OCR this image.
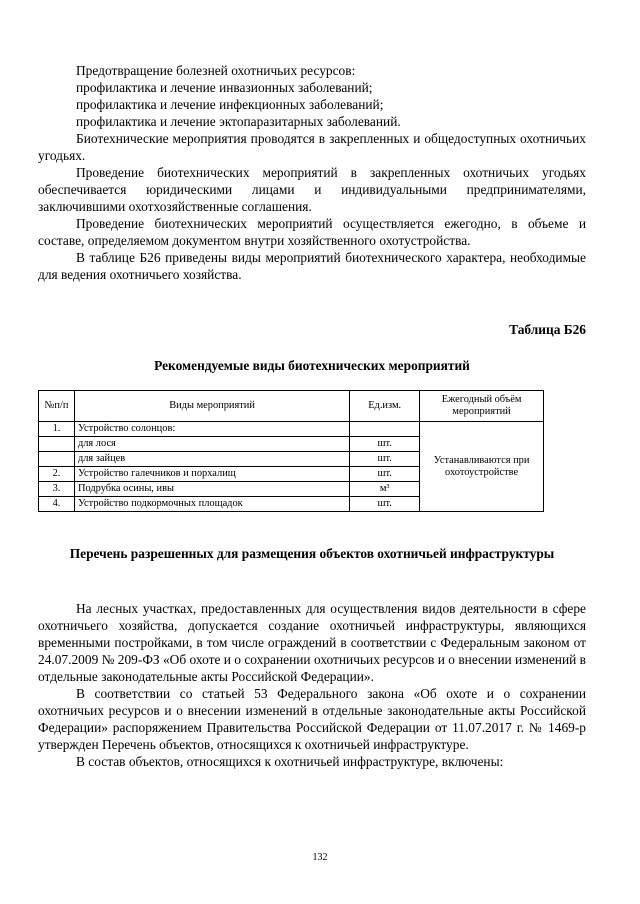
Предотвращение болезней охотничьих ресурсов:

профилактика и лечение инвазионных заболеваний;

профилактика и лечение инфекционных заболеваний;

профилактика и лечение эктопаразитарных заболеваний.

Биотехнические мероприятия проводятся в закрепленных и общедоступных охотничьих угодьях.

Проведение биотехнических мероприятий в закрепленных охотничьих угодьях обеспечивается юридическими лицами и индивидуальными предпринимателями, заключившими охотхозяйственные соглашения.

Проведение биотехнических мероприятий осуществляется ежегодно, в объеме и составе, определяемом документом внутри хозяйственного охотустройства.

В таблице Б26 приведены виды мероприятий биотехнического характера, необходимые для ведения охотничьего хозяйства.

Таблица Б26
Рекомендуемые виды биотехнических мероприятий
№п/п	Виды мероприятий	Ед.изм.	Ежегодный объём мероприятий
1.	Устройство солонцов:		Устанавливаются при охотоустройстве
	для лося	шт.	
	для зайцев	шт.	
2.	Устройство галечников и порхалищ	шт.	
3.	Подрубка осины, ивы	м³	
4.	Устройство подкормочных площадок	шт.	
Перечень разрешенных для размещения объектов охотничьей инфраструктуры

На лесных участках, предоставленных для осуществления видов деятельности в сфере охотничьего хозяйства, допускается создание охотничьей инфраструктуры, являющихся временными постройками, в том числе ограждений в соответствии с Федеральным законом от 24.07.2009 № 209-ФЗ «Об охоте и о сохранении охотничьих ресурсов и о внесении изменений в отдельные законодательные акты Российской Федерации».

В соответствии со статьей 53 Федерального закона «Об охоте и о сохранении охотничьих ресурсов и о внесении изменений в отдельные законодательные акты Российской Федерации» распоряжением Правительства Российской Федерации от 11.07.2017 г. № 1469-р утвержден Перечень объектов, относящихся к охотничьей инфраструктуре.

В состав объектов, относящихся к охотничьей инфраструктуре, включены:

132
